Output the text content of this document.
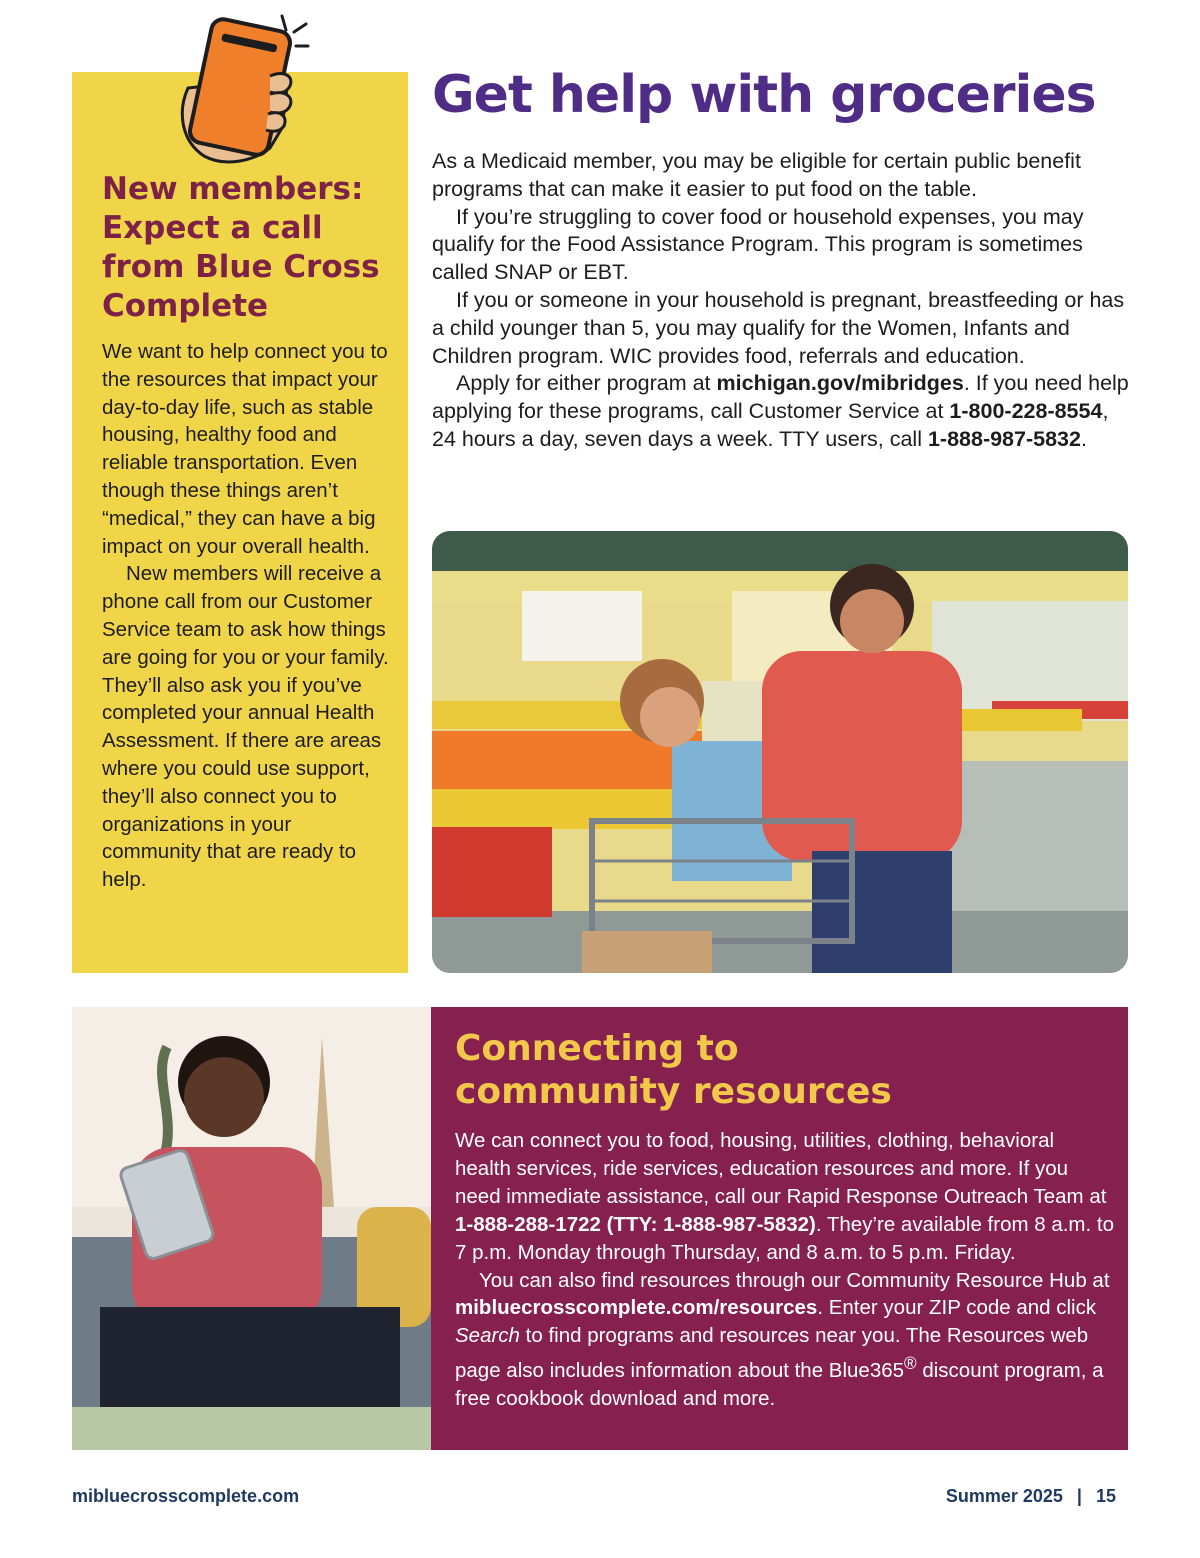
New members:
Expect a call
from Blue Cross
Complete

We want to help connect you to the resources that impact your day-to-day life, such as stable housing, healthy food and reliable transportation. Even though these things aren’t “medical,” they can have a big impact on your overall health.

New members will receive a phone call from our Customer Service team to ask how things are going for you or your family. They’ll also ask you if you’ve completed your annual Health Assessment. If there are areas where you could use support, they’ll also connect you to organizations in your community that are ready to help.

Get help with groceries

As a Medicaid member, you may be eligible for certain public benefit programs that can make it easier to put food on the table.

If you’re struggling to cover food or household expenses, you may qualify for the Food Assistance Program. This program is sometimes called SNAP or EBT.

If you or someone in your household is pregnant, breastfeeding or has a child younger than 5, you may qualify for the Women, Infants and Children program. WIC provides food, referrals and education.

Apply for either program at michigan.gov/mibridges. If you need help applying for these programs, call Customer Service at 1-800-228-8554, 24 hours a day, seven days a week. TTY users, call 1-888-987-5832.

Connecting to
community resources

We can connect you to food, housing, utilities, clothing, behavioral health services, ride services, education resources and more. If you need immediate assistance, call our Rapid Response Outreach Team at 1-888-288-1722 (TTY: 1-888-987-5832). They’re available from 8 a.m. to 7 p.m. Monday through Thursday, and 8 a.m. to 5 p.m. Friday.

You can also find resources through our Community Resource Hub at mibluecrosscomplete.com/resources. Enter your ZIP code and click Search to find programs and resources near you. The Resources web page also includes information about the Blue365® discount program, a free cookbook download and more.

mibluecrosscomplete.com	Summer 2025 | 15
